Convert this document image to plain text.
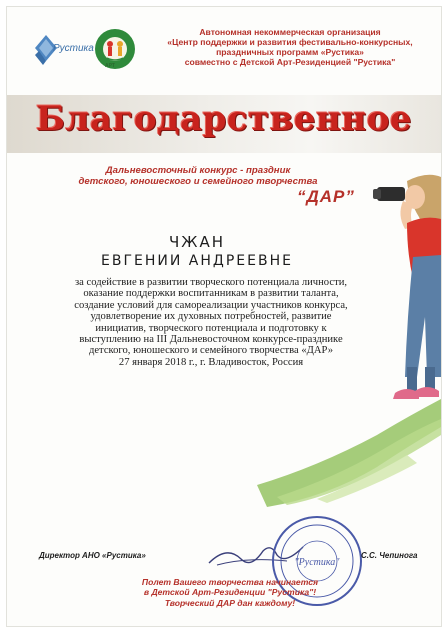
Рустика
АРТ
Автономная некоммерческая организация
«Центр поддержки и развития фестивально-конкурсных,
праздничных программ «Рустика»
совместно с Детской Арт-Резиденцией "Рустика"
Благодарственное
Дальневосточный конкурс - праздник
детского, юношеского и семейного творчества
“ДАР”
ЧЖАН
ЕВГЕНИИ АНДРЕЕВНЕ
за содействие в развитии творческого потенциала личности,
оказание поддержки воспитанникам в развитии таланта,
создание условий для самореализации участников конкурса,
удовлетворение их духовных потребностей, развитие
инициатив, творческого потенциала и подготовку к
выступлению на III Дальневосточном конкурсе-празднике
детского, юношеского и семейного творчества «ДАР»
27 января 2018 г., г. Владивосток, Россия
"Рустика"
Директор АНО «Рустика»	С.С. Чепинога
Полет Вашего творчества начинается
в Детской Арт-Резиденции "Рустика"!
Творческий ДАР дан каждому!
